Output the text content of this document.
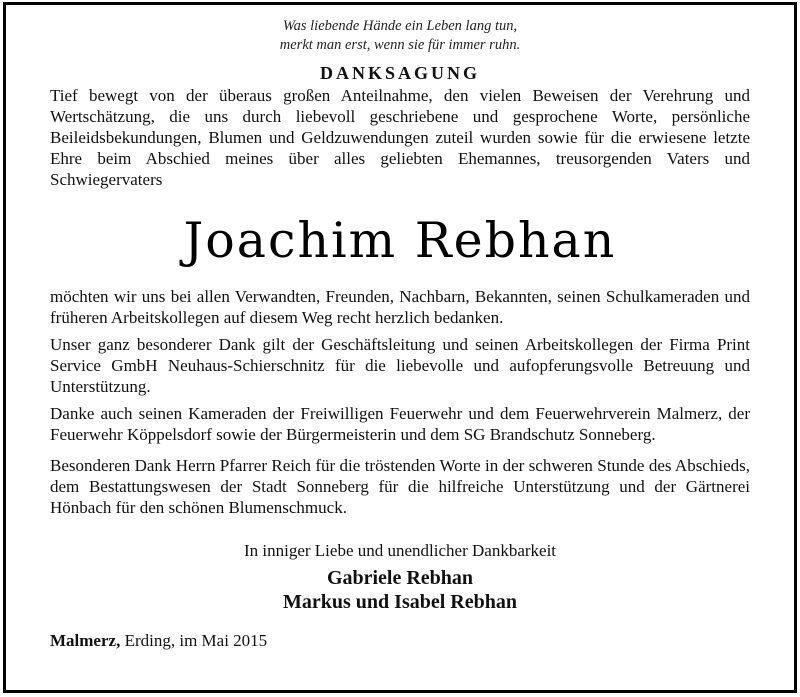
Was liebende Hände ein Leben lang tun,
merkt man erst, wenn sie für immer ruhn.
DANKSAGUNG

Tief bewegt von der überaus großen Anteilnahme, den vielen Beweisen der Verehrung und Wertschätzung, die uns durch liebevoll geschriebene und gesprochene Worte, persönliche Beileidsbekundungen, Blumen und Geldzuwendungen zuteil wurden sowie für die erwiesene letzte Ehre beim Abschied meines über alles geliebten Ehemannes, treusorgenden Vaters und Schwiegervaters

Joachim Rebhan

möchten wir uns bei allen Verwandten, Freunden, Nachbarn, Bekannten, seinen Schulkameraden und früheren Arbeitskollegen auf diesem Weg recht herzlich bedanken.

Unser ganz besonderer Dank gilt der Geschäftsleitung und seinen Arbeitskollegen der Firma Print Service GmbH Neuhaus-Schierschnitz für die liebevolle und aufopferungsvolle Betreuung und Unterstützung.

Danke auch seinen Kameraden der Freiwilligen Feuerwehr und dem Feuerwehrverein Malmerz, der Feuerwehr Köppelsdorf sowie der Bürgermeisterin und dem SG Brandschutz Sonneberg.

Besonderen Dank Herrn Pfarrer Reich für die tröstenden Worte in der schweren Stunde des Abschieds, dem Bestattungswesen der Stadt Sonneberg für die hilfreiche Unterstützung und der Gärtnerei Hönbach für den schönen Blumenschmuck.

In inniger Liebe und unendlicher Dankbarkeit
Gabriele Rebhan
Markus und Isabel Rebhan
Malmerz, Erding, im Mai 2015
